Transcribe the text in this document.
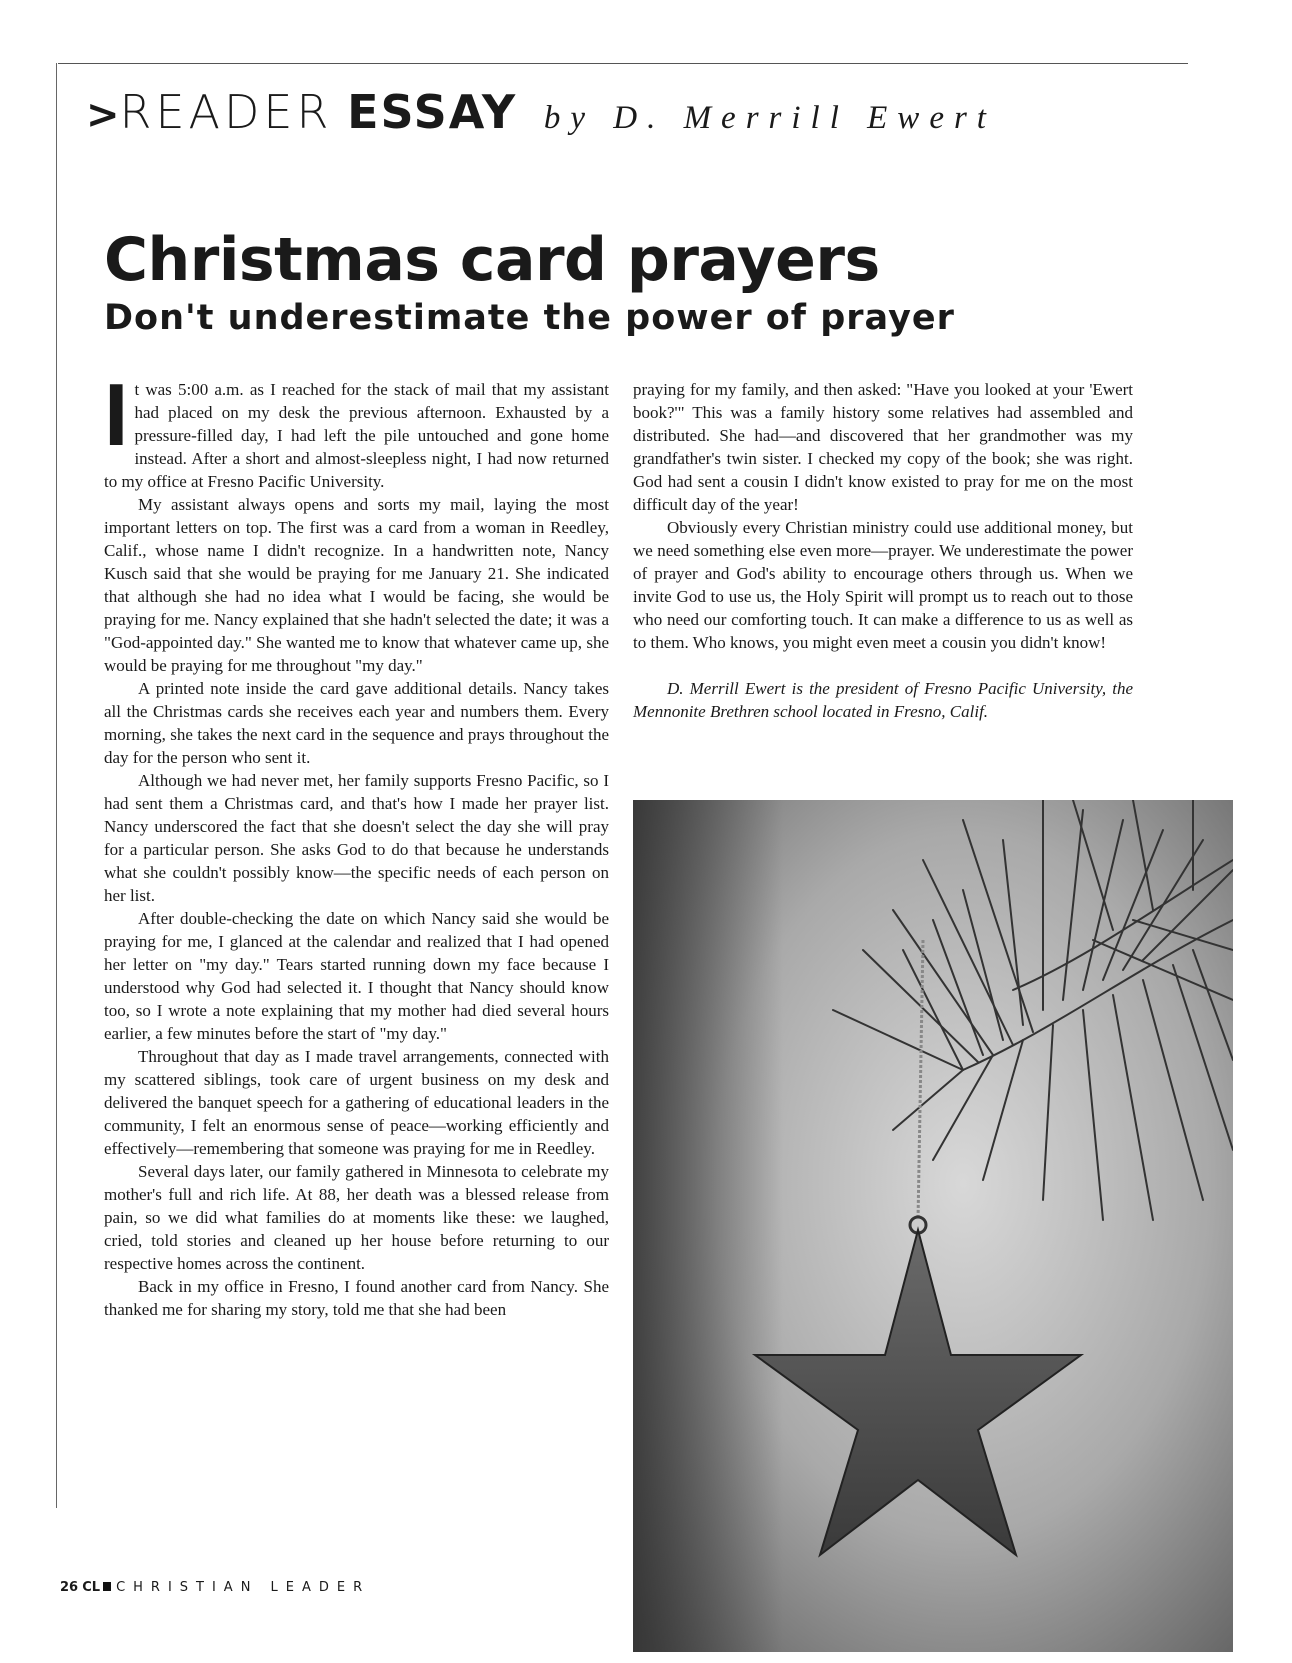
>READER ESSAY by D. Merrill Ewert
Christmas card prayers
Don't underestimate the power of prayer

It was 5:00 a.m. as I reached for the stack of mail that my assistant had placed on my desk the previous afternoon. Exhausted by a pressure-filled day, I had left the pile untouched and gone home instead. After a short and almost-sleepless night, I had now returned to my office at Fresno Pacific University.

My assistant always opens and sorts my mail, laying the most important letters on top. The first was a card from a woman in Reedley, Calif., whose name I didn't recognize. In a handwritten note, Nancy Kusch said that she would be praying for me January 21. She indicated that although she had no idea what I would be facing, she would be praying for me. Nancy explained that she hadn't selected the date; it was a "God-appointed day." She wanted me to know that whatever came up, she would be praying for me throughout "my day."

A printed note inside the card gave additional details. Nancy takes all the Christmas cards she receives each year and numbers them. Every morning, she takes the next card in the sequence and prays throughout the day for the person who sent it.

Although we had never met, her family supports Fresno Pacific, so I had sent them a Christmas card, and that's how I made her prayer list. Nancy underscored the fact that she doesn't select the day she will pray for a particular person. She asks God to do that because he understands what she couldn't possibly know—the specific needs of each person on her list.

After double-checking the date on which Nancy said she would be praying for me, I glanced at the calendar and realized that I had opened her letter on "my day." Tears started running down my face because I understood why God had selected it. I thought that Nancy should know too, so I wrote a note explaining that my mother had died several hours earlier, a few minutes before the start of "my day."

Throughout that day as I made travel arrangements, connected with my scattered siblings, took care of urgent business on my desk and delivered the banquet speech for a gathering of educational leaders in the community, I felt an enormous sense of peace—working efficiently and effectively—remembering that someone was praying for me in Reedley.

Several days later, our family gathered in Minnesota to celebrate my mother's full and rich life. At 88, her death was a blessed release from pain, so we did what families do at moments like these: we laughed, cried, told stories and cleaned up her house before returning to our respective homes across the continent.

Back in my office in Fresno, I found another card from Nancy. She thanked me for sharing my story, told me that she had been

praying for my family, and then asked: "Have you looked at your 'Ewert book?'" This was a family history some relatives had assembled and distributed. She had—and discovered that her grandmother was my grandfather's twin sister. I checked my copy of the book; she was right. God had sent a cousin I didn't know existed to pray for me on the most difficult day of the year!

Obviously every Christian ministry could use additional money, but we need something else even more—prayer. We underestimate the power of prayer and God's ability to encourage others through us. When we invite God to use us, the Holy Spirit will prompt us to reach out to those who need our comforting touch. It can make a difference to us as well as to them. Who knows, you might even meet a cousin you didn't know!

D. Merrill Ewert is the president of Fresno Pacific University, the Mennonite Brethren school located in Fresno, Calif.

26 CL CHRISTIAN LEADER
